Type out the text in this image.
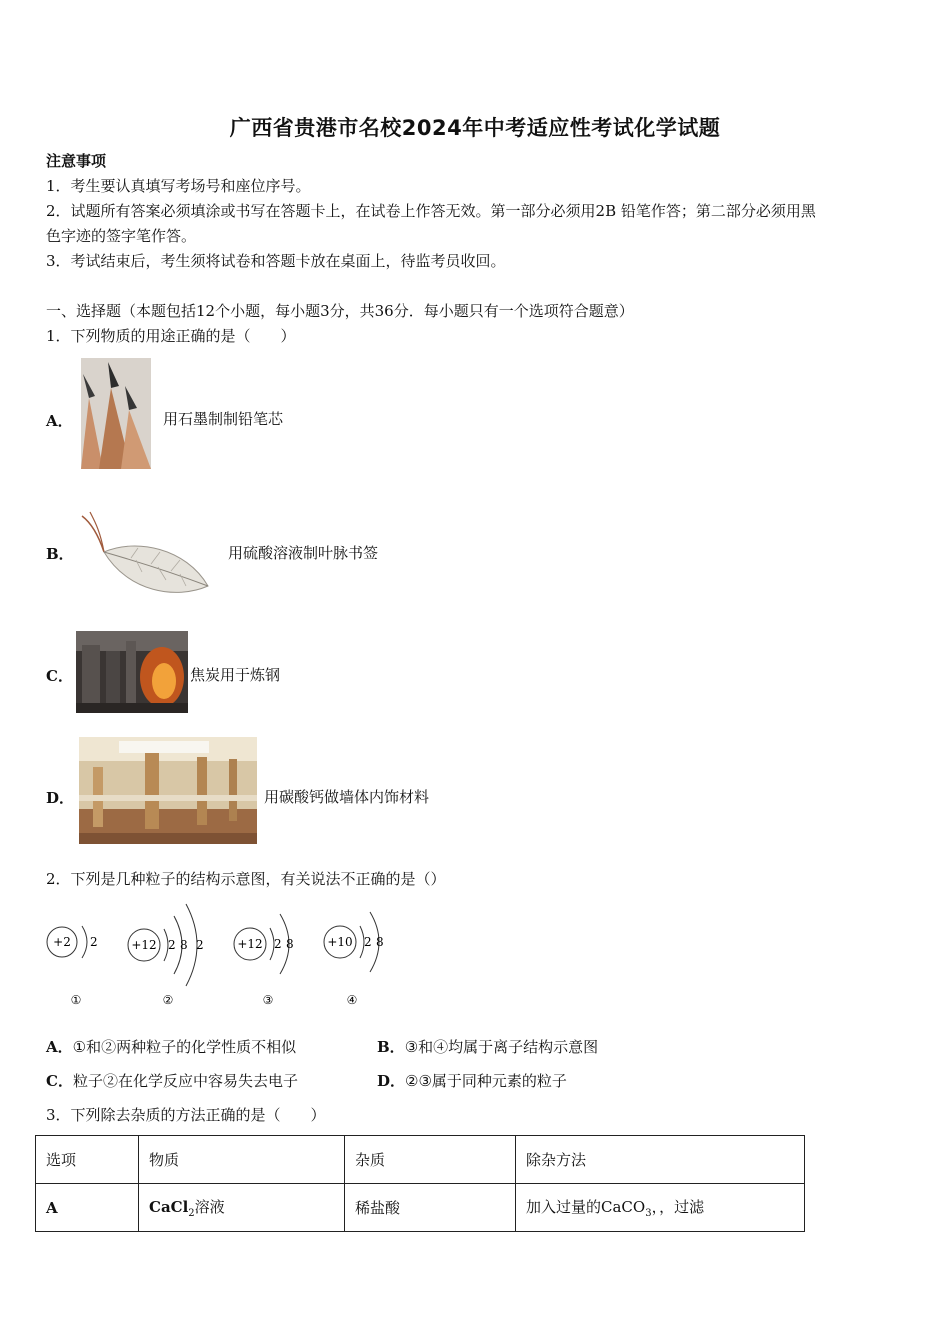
广西省贵港市名校2024年中考适应性考试化学试题
注意事项
1．考生要认真填写考场号和座位序号。
2．试题所有答案必须填涂或书写在答题卡上，在试卷上作答无效。第一部分必须用2B 铅笔作答；第二部分必须用黑
色字迹的签字笔作答。
3．考试结束后，考生须将试卷和答题卡放在桌面上，待监考员收回。
一、选择题（本题包括12个小题，每小题3分，共36分．每小题只有一个选项符合题意）
1．下列物质的用途正确的是（　　）
A．	用石墨制制铅笔芯
B．	用硫酸溶液制叶脉书签
C．	焦炭用于炼钢
D．	用碳酸钙做墙体内饰材料
2．下列是几种粒子的结构示意图，有关说法不正确的是（）
+2 2
①
+12 2 8 2
②
+12 2 8
③
+10 2 8
④
A．①和②两种粒子的化学性质不相似	B．③和④均属于离子结构示意图
C．粒子②在化学反应中容易失去电子	D．②③属于同种元素的粒子
3．下列除去杂质的方法正确的是（　　）
选项	物质	杂质	除杂方法
A	CaCl$_2$溶液	稀盐酸	加入过量的CaCO$_3$，，过滤
